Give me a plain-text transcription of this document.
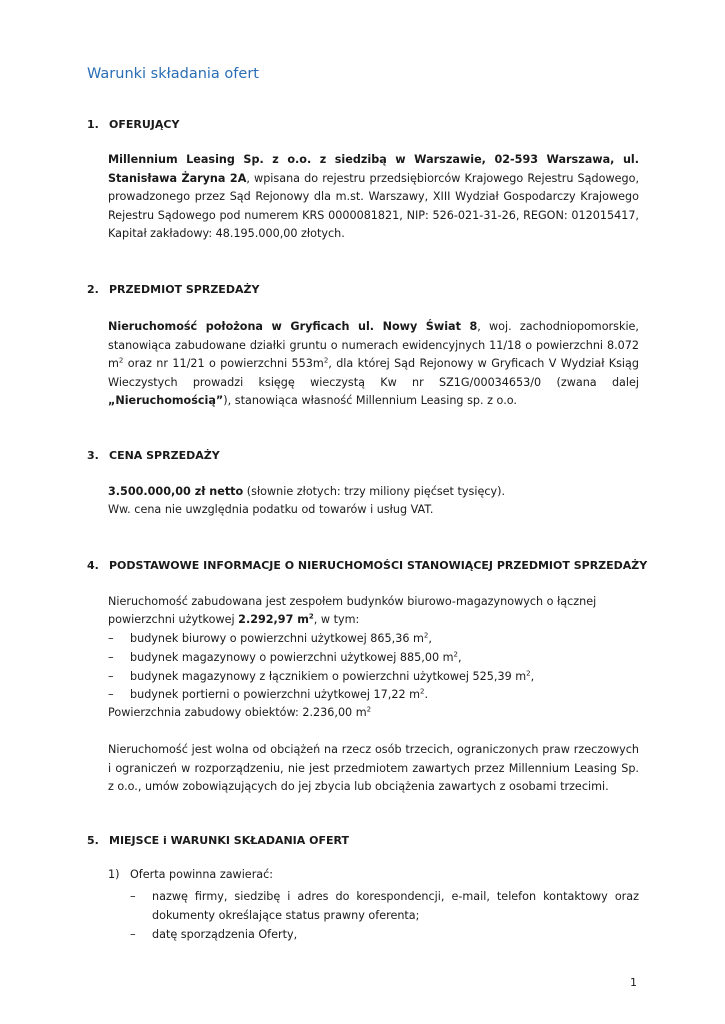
Warunki składania ofert
1. OFERUJĄCY

Millennium Leasing Sp. z o.o. z siedzibą w Warszawie, 02-593 Warszawa, ul. Stanisława Żaryna 2A, wpisana do rejestru przedsiębiorców Krajowego Rejestru Sądowego, prowadzonego przez Sąd Rejonowy dla m.st. Warszawy, XIII Wydział Gospodarczy Krajowego Rejestru Sądowego pod numerem KRS 0000081821, NIP: 526-021-31-26, REGON: 012015417, Kapitał zakładowy: 48.195.000,00 złotych.

2. PRZEDMIOT SPRZEDAŻY

Nieruchomość położona w Gryficach ul. Nowy Świat 8, woj. zachodniopomorskie, stanowiąca zabudowane działki gruntu o numerach ewidencyjnych 11/18 o powierzchni 8.072 $m^2$ oraz nr 11/21 o powierzchni $553m^2$, dla której Sąd Rejonowy w Gryficach V Wydział Ksiąg Wieczystych prowadzi księgę wieczystą Kw nr SZ1G/00034653/0 (zwana dalej „Nieruchomością”), stanowiąca własność Millennium Leasing sp. z o.o.

3. CENA SPRZEDAŻY

3.500.000,00 zł netto (słownie złotych: trzy miliony pięćset tysięcy).

Ww. cena nie uwzględnia podatku od towarów i usług VAT.

4. PODSTAWOWE INFORMACJE O NIERUCHOMOŚCI STANOWIĄCEJ PRZEDMIOT SPRZEDAŻY

Nieruchomość zabudowana jest zespołem budynków biurowo-magazynowych o łącznej

powierzchni użytkowej 2.292,97 $m^2$, w tym:

– budynek biurowy o powierzchni użytkowej 865,36 $m^2$,
– budynek magazynowy o powierzchni użytkowej 885,00 $m^2$,
– budynek magazynowy z łącznikiem o powierzchni użytkowej 525,39 $m^2$,
– budynek portierni o powierzchni użytkowej 17,22 $m^2$.

Powierzchnia zabudowy obiektów: 2.236,00 $m^2$

Nieruchomość jest wolna od obciążeń na rzecz osób trzecich, ograniczonych praw rzeczowych i ograniczeń w rozporządzeniu, nie jest przedmiotem zawartych przez Millennium Leasing Sp. z o.o., umów zobowiązujących do jej zbycia lub obciążenia zawartych z osobami trzecimi.

5. MIEJSCE i WARUNKI SKŁADANIA OFERT
1) Oferta powinna zawierać:
– nazwę firmy, siedzibę i adres do korespondencji, e-mail, telefon kontaktowy oraz dokumenty określające status prawny oferenta;
– datę sporządzenia Oferty,
1
